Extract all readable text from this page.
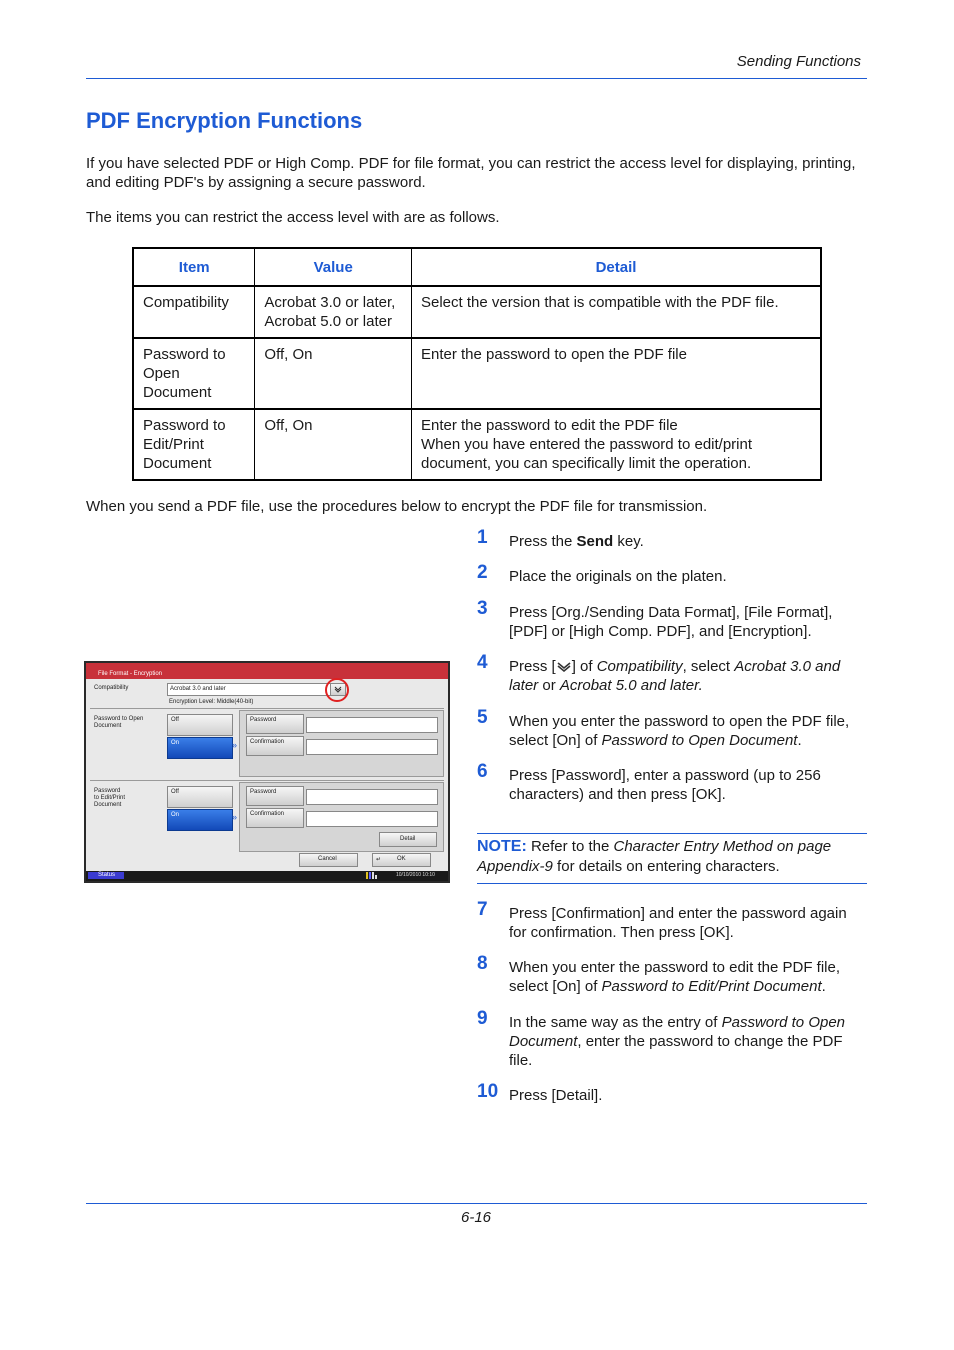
Sending Functions
PDF Encryption Functions
If you have selected PDF or High Comp. PDF for file format, you can restrict the access level for displaying, printing, and editing PDF's by assigning a secure password.
The items you can restrict the access level with are as follows.
Item	Value	Detail
Compatibility	Acrobat 3.0 or later, Acrobat 5.0 or later	Select the version that is compatible with the PDF file.
Password to Open Document	Off, On	Enter the password to open the PDF file
Password to Edit/Print Document	Off, On	Enter the password to edit the PDF file
When you have entered the password to edit/print document, you can specifically limit the operation.
When you send a PDF file, use the procedures below to encrypt the PDF file for transmission.
1 Press the Send key.
2 Place the originals on the platen.
3 Press [Org./Sending Data Format], [File Format], [PDF] or [High Comp. PDF], and [Encryption].
4 Press [ ] of Compatibility, select Acrobat 3.0 and later or Acrobat 5.0 and later.
5 When you enter the password to open the PDF file, select [On] of Password to Open Document.
6 Press [Password], enter a password (up to 256 characters) and then press [OK].
NOTE: Refer to the Character Entry Method on page Appendix-9 for details on entering characters.
7 Press [Confirmation] and enter the password again for confirmation. Then press [OK].
8 When you enter the password to edit the PDF file, select [On] of Password to Edit/Print Document.
9 In the same way as the entry of Password to Open Document, enter the password to change the PDF file.
10 Press [Detail].
File Format - Encryption
Compatibility	Acrobat 3.0 and later
Encryption Level: Middle(40-bit)
Password to Open Document
Off
On	»
Password
Confirmation
Password
to Edit/Print
Document
Off
On	»
Password
Confirmation
Detail
Cancel	↵	OK
Status	10/10/2010 10:10
6-16
